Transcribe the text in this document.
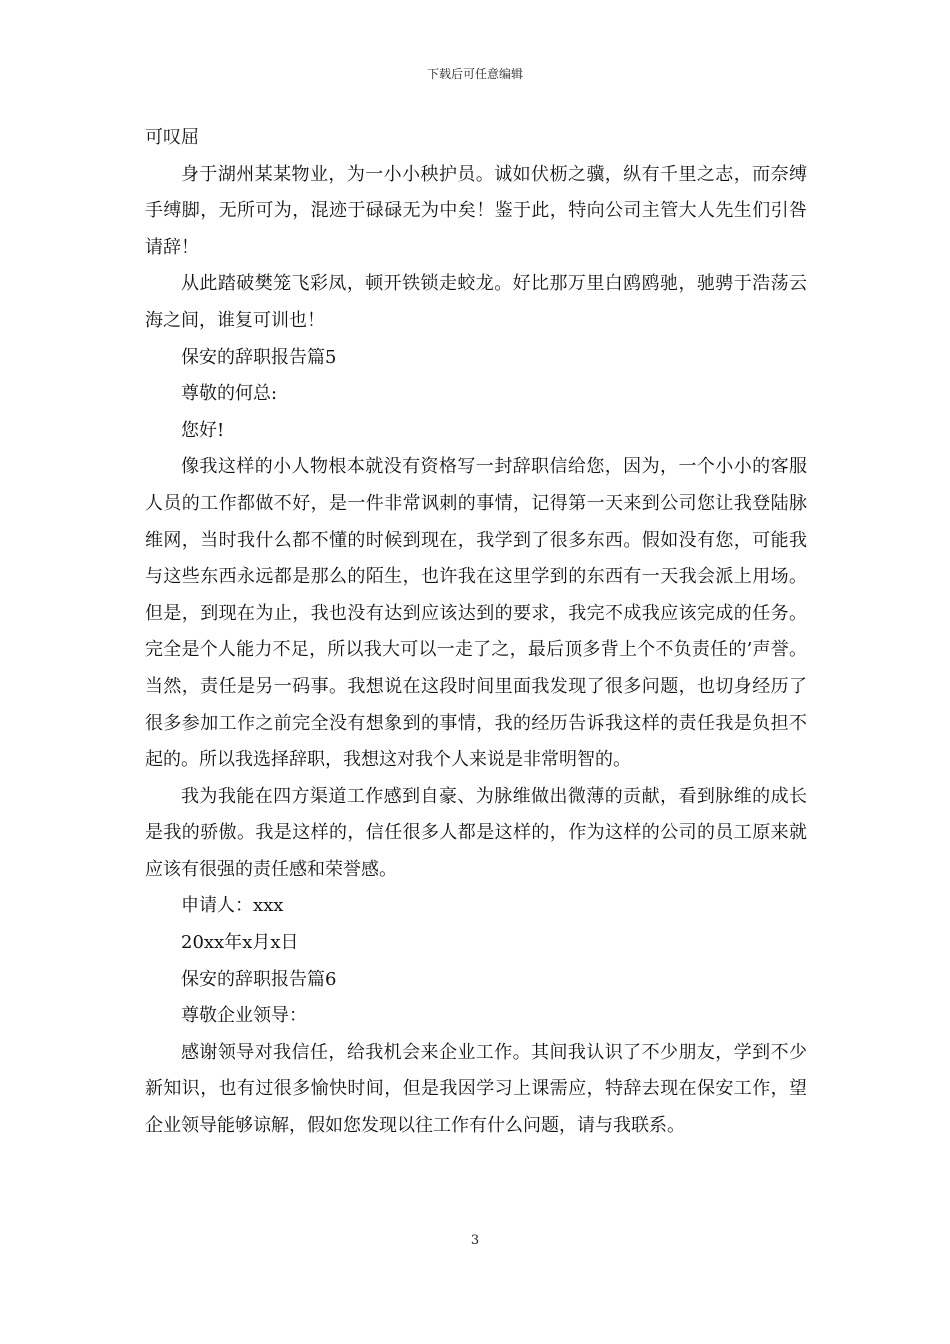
下载后可任意编辑

可叹屈

身于湖州某某物业，为一小小秧护员。诚如伏枥之骥，纵有千里之志，而奈缚手缚脚，无所可为，混迹于碌碌无为中矣！鉴于此，特向公司主管大人先生们引咎请辞！

从此踏破樊笼飞彩凤，顿开铁锁走蛟龙。好比那万里白鸥鸥驰，驰骋于浩荡云海之间，谁复可训也！

保安的辞职报告篇5

尊敬的何总:

您好!

像我这样的小人物根本就没有资格写一封辞职信给您，因为，一个小小的客服人员的工作都做不好，是一件非常讽刺的事情，记得第一天来到公司您让我登陆脉维网，当时我什么都不懂的时候到现在，我学到了很多东西。假如没有您，可能我与这些东西永远都是那么的陌生，也许我在这里学到的东西有一天我会派上用场。但是，到现在为止，我也没有达到应该达到的要求，我完不成我应该完成的任务。完全是个人能力不足，所以我大可以一走了之，最后顶多背上个不负责任的’声誉。当然，责任是另一码事。我想说在这段时间里面我发现了很多问题，也切身经历了很多参加工作之前完全没有想象到的事情，我的经历告诉我这样的责任我是负担不起的。所以我选择辞职，我想这对我个人来说是非常明智的。

我为我能在四方渠道工作感到自豪、为脉维做出微薄的贡献，看到脉维的成长是我的骄傲。我是这样的，信任很多人都是这样的，作为这样的公司的员工原来就应该有很强的责任感和荣誉感。

申请人：xxx

20xx年x月x日

保安的辞职报告篇6

尊敬企业领导：

感谢领导对我信任，给我机会来企业工作。其间我认识了不少朋友，学到不少新知识，也有过很多愉快时间，但是我因学习上课需应，特辞去现在保安工作，望企业领导能够谅解，假如您发现以往工作有什么问题，请与我联系。

3
